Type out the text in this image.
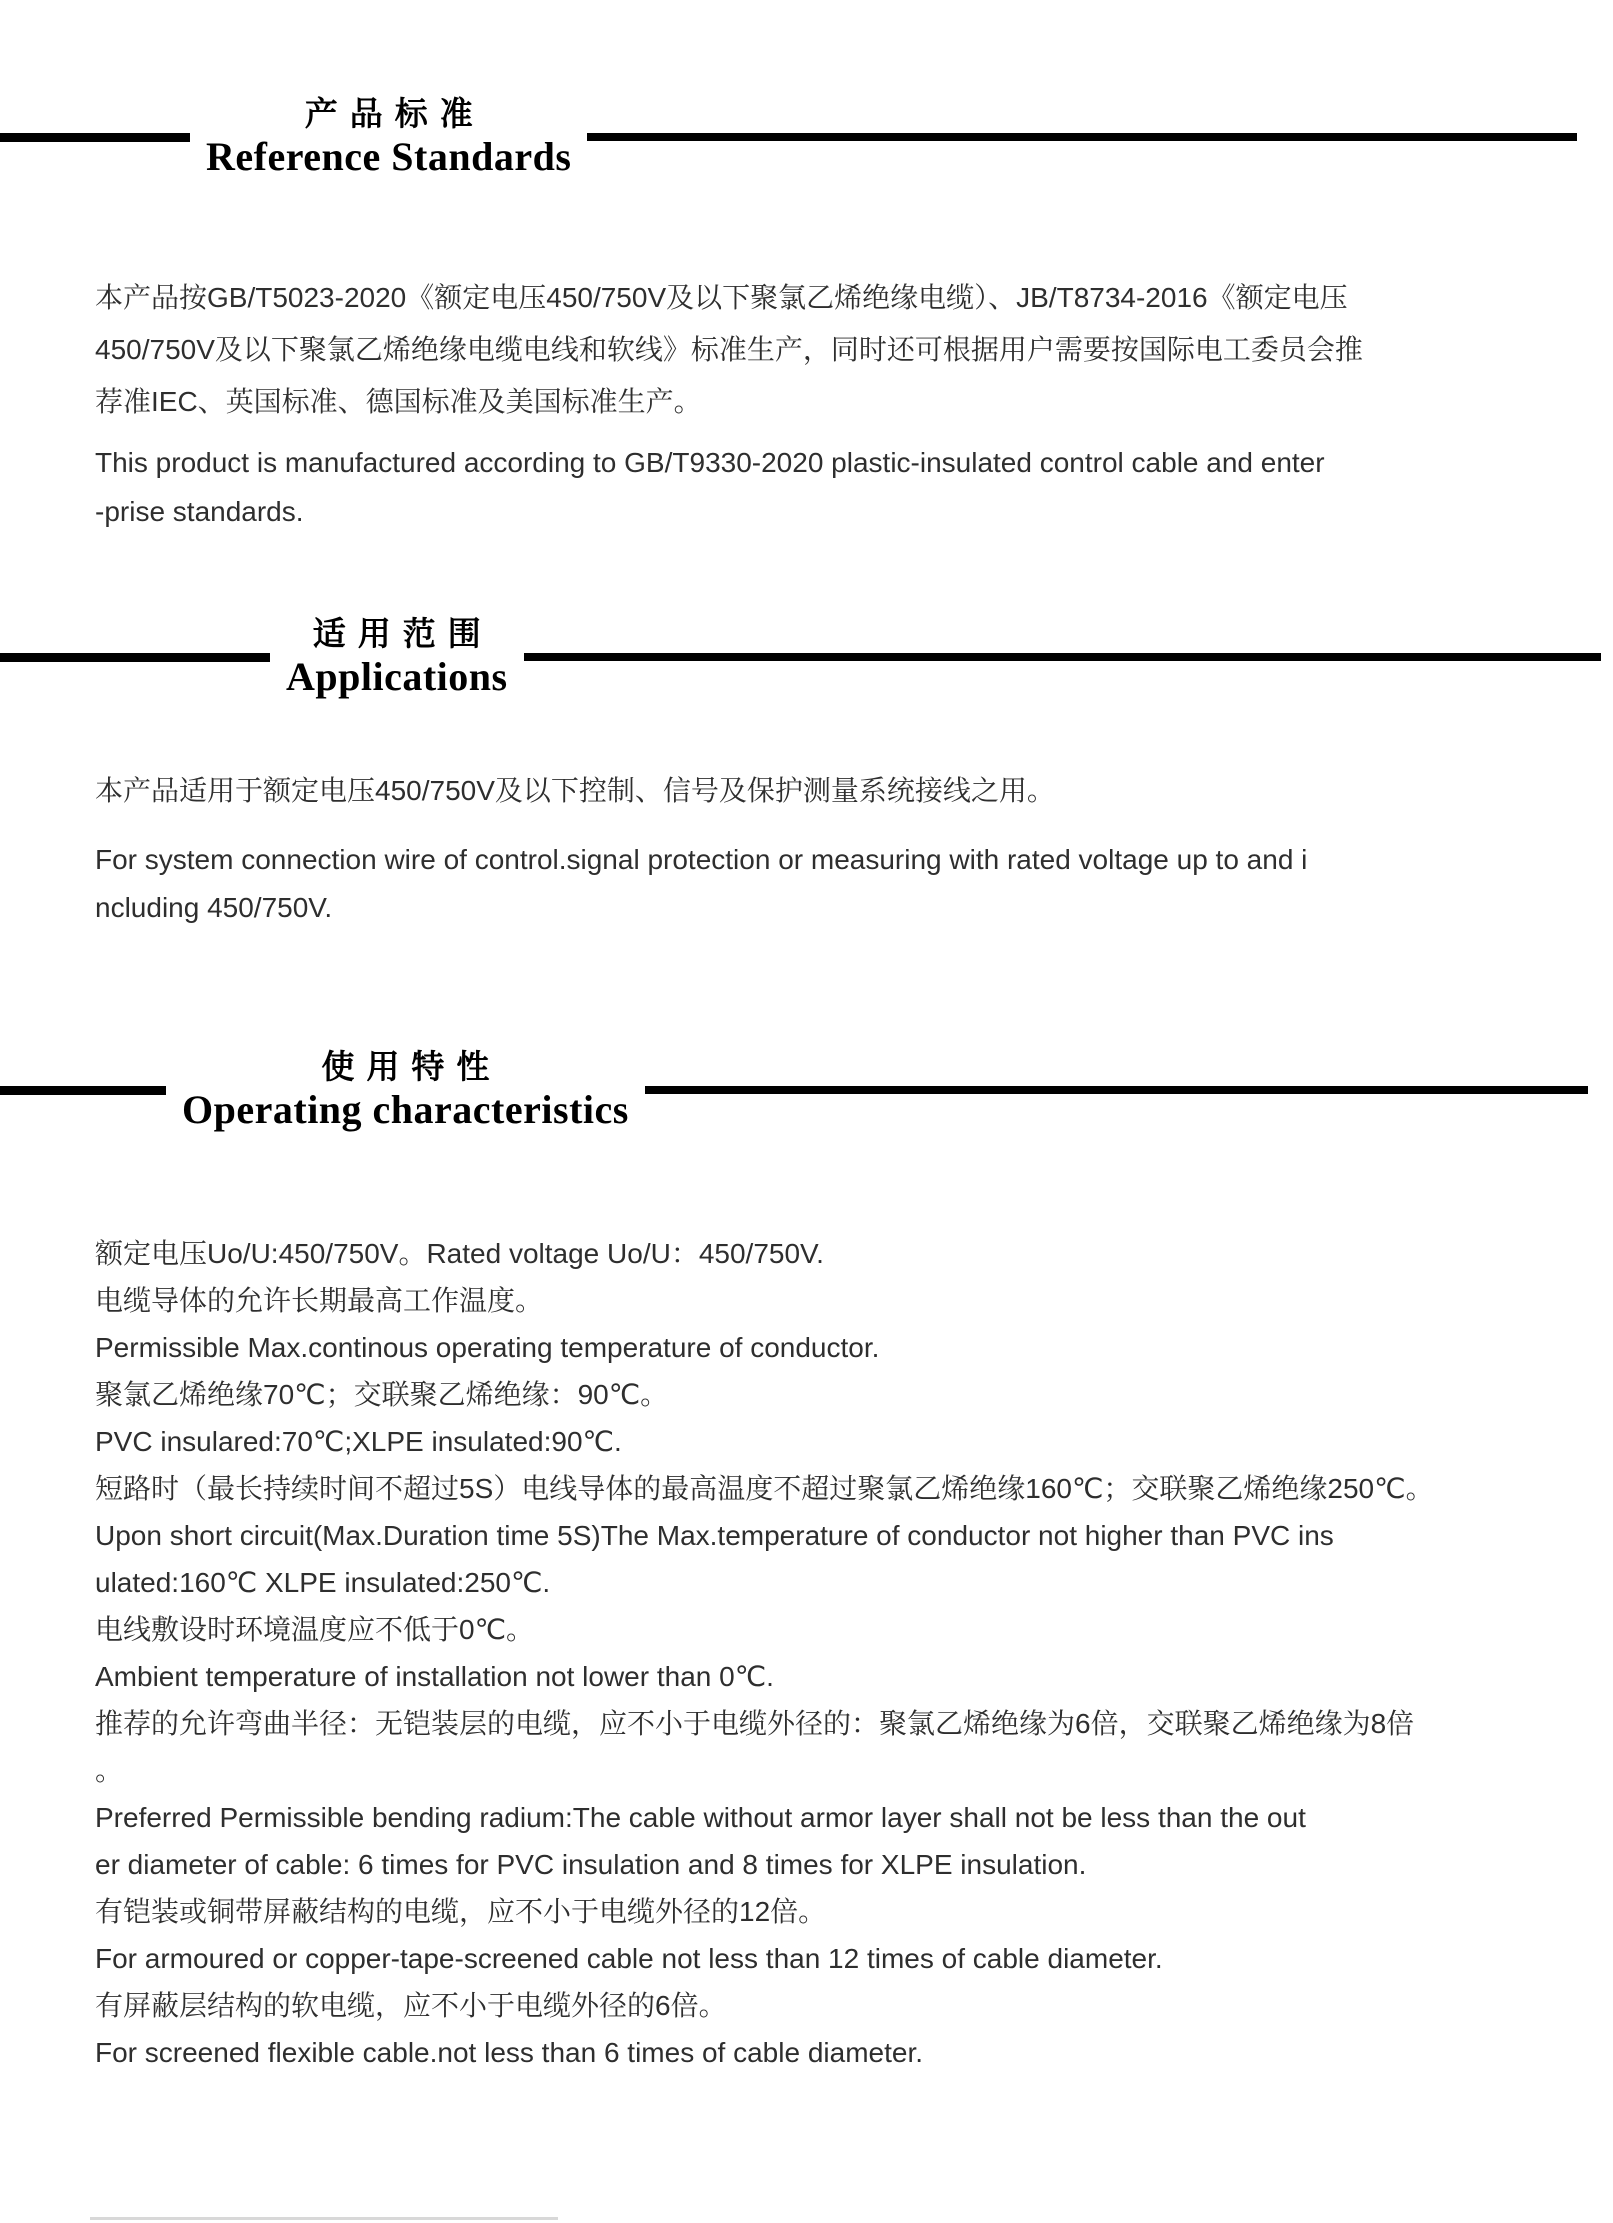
产品标准
Reference Standards
本产品按GB/T5023-2020《额定电压450/750V及以下聚氯乙烯绝缘电缆）、JB/T8734-2016《额定电压
450/750V及以下聚氯乙烯绝缘电缆电线和软线》标准生产，同时还可根据用户需要按国际电工委员会推
荐准IEC、英国标准、德国标准及美国标准生产。
This product is manufactured according to GB/T9330-2020 plastic-insulated control cable and enter
-prise standards.
适用范围
Applications
本产品适用于额定电压450/750V及以下控制、信号及保护测量系统接线之用。
For system connection wire of control.signal protection or measuring with rated voltage up to and i
ncluding 450/750V.
使用特性
Operating characteristics
额定电压Uo/U:450/750V。Rated voltage Uo/U：450/750V.
电缆导体的允许长期最高工作温度。
Permissible Max.continous operating temperature of conductor.
聚氯乙烯绝缘70℃；交联聚乙烯绝缘：90℃。
PVC insulared:70℃;XLPE insulated:90℃.
短路时（最长持续时间不超过5S）电线导体的最高温度不超过聚氯乙烯绝缘160℃；交联聚乙烯绝缘250℃。
Upon short circuit(Max.Duration time 5S)The Max.temperature of conductor not higher than PVC ins
ulated:160℃ XLPE insulated:250℃.
电线敷设时环境温度应不低于0℃。
Ambient temperature of installation not lower than 0℃.
推荐的允许弯曲半径：无铠装层的电缆，应不小于电缆外径的：聚氯乙烯绝缘为6倍，交联聚乙烯绝缘为8倍
。
Preferred Permissible bending radium:The cable without armor layer shall not be less than the out
er diameter of cable: 6 times for PVC insulation and 8 times for XLPE insulation.
有铠装或铜带屏蔽结构的电缆，应不小于电缆外径的12倍。
For armoured or copper-tape-screened cable not less than 12 times of cable diameter.
有屏蔽层结构的软电缆，应不小于电缆外径的6倍。
For screened flexible cable.not less than 6 times of cable diameter.
